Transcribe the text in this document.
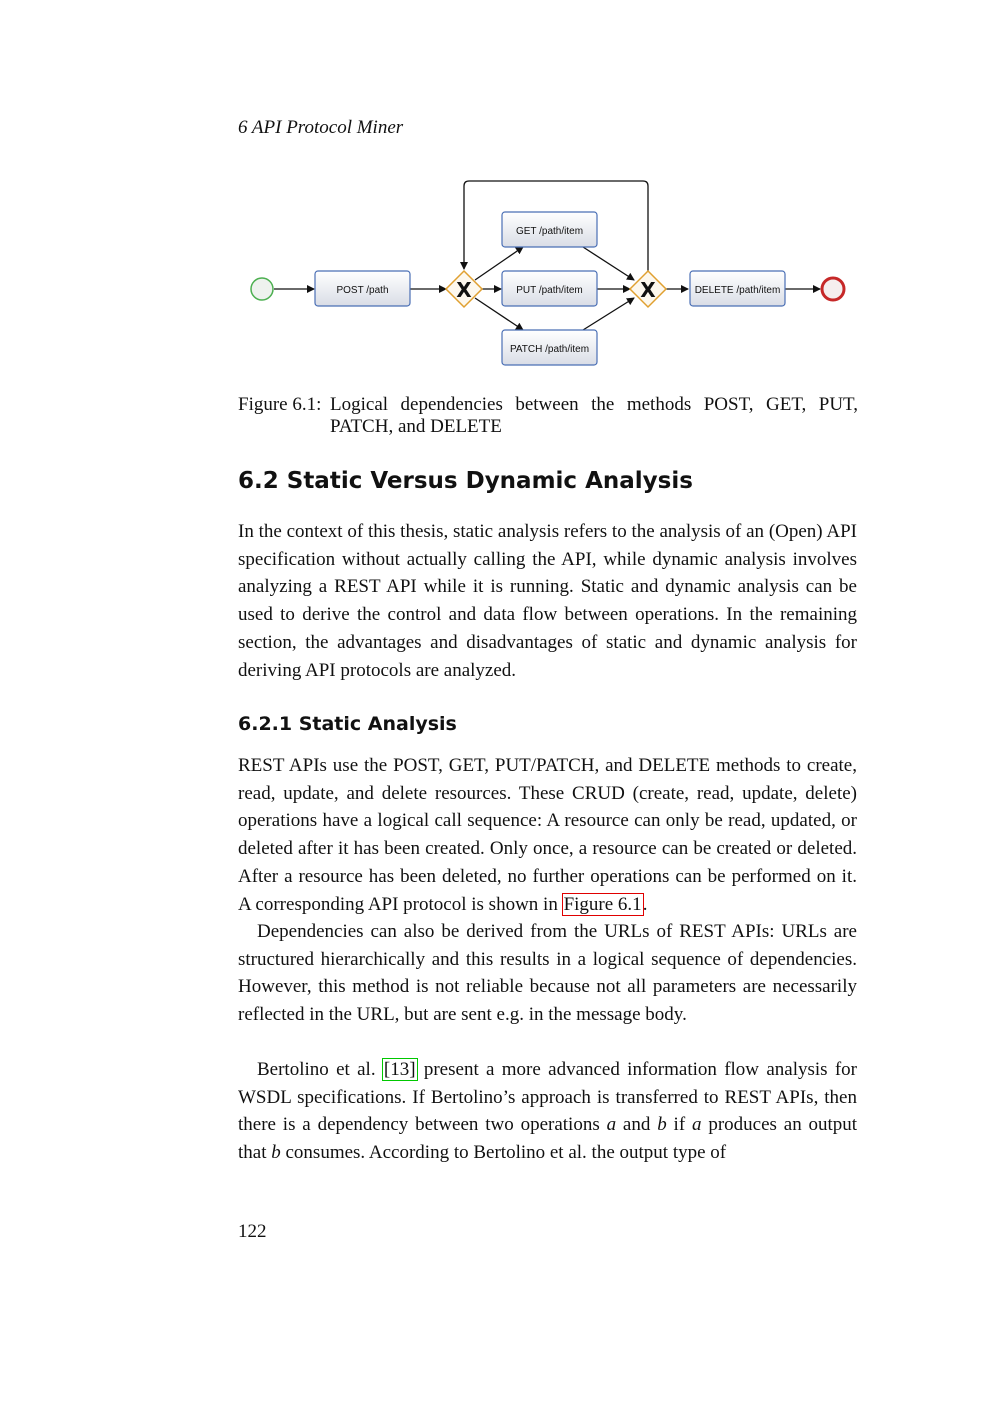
6 API Protocol Miner

POST /path
GET /path/item
PUT /path/item
PATCH /path/item
DELETE /path/item
X	X

Figure 6.1: Logical dependencies between the methods POST, GET, PUT, PATCH, and DELETE

6.2 Static Versus Dynamic Analysis

In the context of this thesis, static analysis refers to the analysis of an (Open) API specification without actually calling the API, while dynamic analysis involves analyzing a REST API while it is running. Static and dynamic analysis can be used to derive the control and data flow between operations. In the remaining section, the advantages and disadvantages of static and dynamic analysis for deriving API protocols are analyzed.

6.2.1 Static Analysis

REST APIs use the POST, GET, PUT/PATCH, and DELETE methods to create, read, update, and delete resources. These CRUD (create, read, update, delete) operations have a logical call sequence: A resource can only be read, updated, or deleted after it has been created. Only once, a resource can be created or deleted. After a resource has been deleted, no further operations can be performed on it. A corresponding API protocol is shown in Figure 6.1.

Dependencies can also be derived from the URLs of REST APIs: URLs are structured hierarchically and this results in a logical sequence of dependencies. However, this method is not reliable because not all parameters are necessarily reflected in the URL, but are sent e.g. in the message body.

Bertolino et al. [13] present a more advanced information flow analysis for WSDL specifications. If Bertolino’s approach is transferred to REST APIs, then there is a dependency between two operations a and b if a produces an output that b consumes. According to Bertolino et al. the output type of

122
